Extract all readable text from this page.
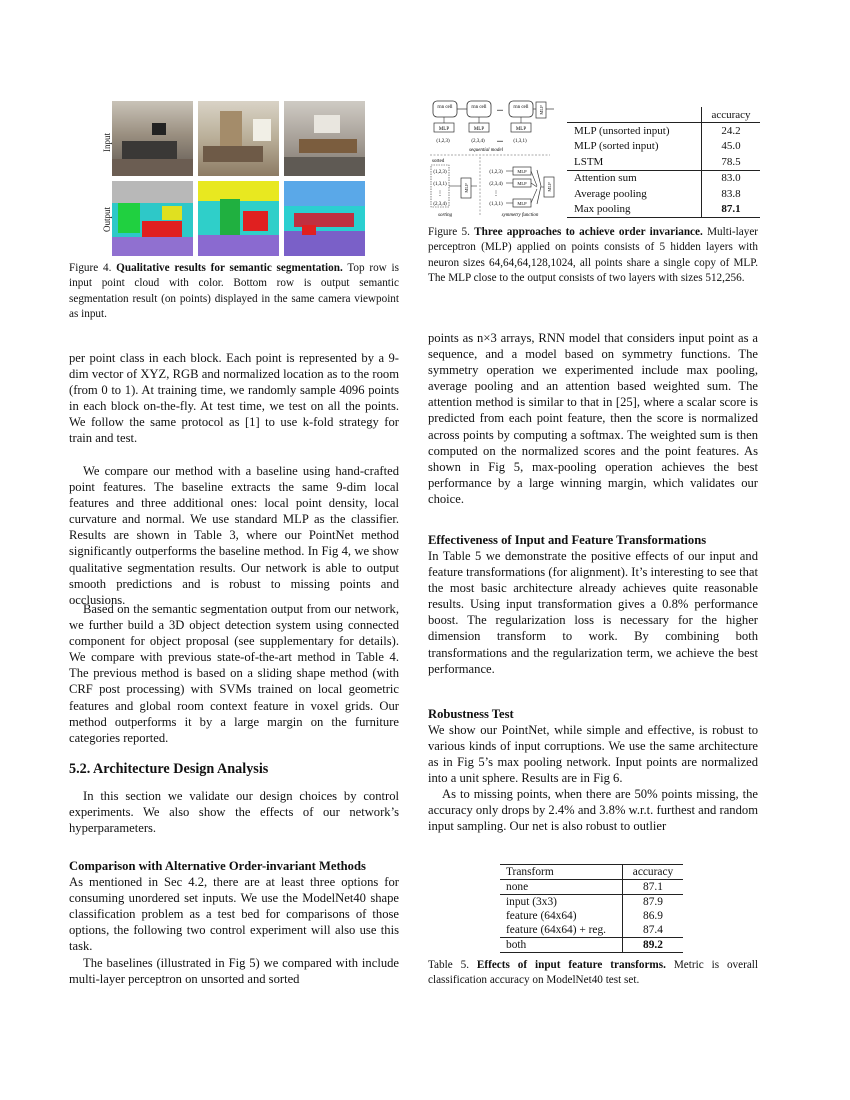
Input
Output
Figure 4. Qualitative results for semantic segmentation. Top row is input point cloud with color. Bottom row is output semantic segmentation result (on points) displayed in the same camera viewpoint as input.
rnn cell	rnn cell	rnn cell
...	MLP
MLP	MLP	MLP
(1,2,3)	(2,3,4) ... (1,3,1)
sequential model
sorted
(1,2,3)
(1,3,1)
⋮
(2,3,4)
MLP
sorting
(1,2,3)
(2,3,4)
⋮
(1,3,1)
MLP
MLP
MLP
MLP
symmetry function
	accuracy
MLP (unsorted input)	24.2
MLP (sorted input)	45.0
LSTM	78.5
Attention sum	83.0
Average pooling	83.8
Max pooling	87.1
Figure 5. Three approaches to achieve order invariance. Multi-layer perceptron (MLP) applied on points consists of 5 hidden layers with neuron sizes 64,64,64,128,1024, all points share a single copy of MLP. The MLP close to the output consists of two layers with sizes 512,256.
per point class in each block. Each point is represented by a 9-dim vector of XYZ, RGB and normalized location as to the room (from 0 to 1). At training time, we randomly sample 4096 points in each block on-the-fly. At test time, we test on all the points. We follow the same protocol as [1] to use k-fold strategy for train and test.
We compare our method with a baseline using hand-crafted point features. The baseline extracts the same 9-dim local features and three additional ones: local point density, local curvature and normal. We use standard MLP as the classifier. Results are shown in Table 3, where our PointNet method significantly outperforms the baseline method. In Fig 4, we show qualitative segmentation results. Our network is able to output smooth predictions and is robust to missing points and occlusions.
Based on the semantic segmentation output from our network, we further build a 3D object detection system using connected component for object proposal (see supplementary for details). We compare with previous state-of-the-art method in Table 4. The previous method is based on a sliding shape method (with CRF post processing) with SVMs trained on local geometric features and global room context feature in voxel grids. Our method outperforms it by a large margin on the furniture categories reported.
5.2. Architecture Design Analysis
In this section we validate our design choices by control experiments. We also show the effects of our network’s hyperparameters.
Comparison with Alternative Order-invariant Methods
As mentioned in Sec 4.2, there are at least three options for consuming unordered set inputs. We use the ModelNet40 shape classification problem as a test bed for comparisons of those options, the following two control experiment will also use this task.
The baselines (illustrated in Fig 5) we compared with include multi-layer perceptron on unsorted and sorted
points as n×3 arrays, RNN model that considers input point as a sequence, and a model based on symmetry functions. The symmetry operation we experimented include max pooling, average pooling and an attention based weighted sum. The attention method is similar to that in [25], where a scalar score is predicted from each point feature, then the score is normalized across points by computing a softmax. The weighted sum is then computed on the normalized scores and the point features. As shown in Fig 5, max-pooling operation achieves the best performance by a large winning margin, which validates our choice.
Effectiveness of Input and Feature Transformations
In Table 5 we demonstrate the positive effects of our input and feature transformations (for alignment). It’s interesting to see that the most basic architecture already achieves quite reasonable results. Using input transformation gives a 0.8% performance boost. The regularization loss is necessary for the higher dimension transform to work. By combining both transformations and the regularization term, we achieve the best performance.
Robustness Test
We show our PointNet, while simple and effective, is robust to various kinds of input corruptions. We use the same architecture as in Fig 5’s max pooling network. Input points are normalized into a unit sphere. Results are in Fig 6.
As to missing points, when there are 50% points missing, the accuracy only drops by 2.4% and 3.8% w.r.t. furthest and random input sampling. Our net is also robust to outlier
Transform	accuracy
none	87.1
input (3x3)	87.9
feature (64x64)	86.9
feature (64x64) + reg.	87.4
both	89.2
Table 5. Effects of input feature transforms. Metric is overall classification accuracy on ModelNet40 test set.
